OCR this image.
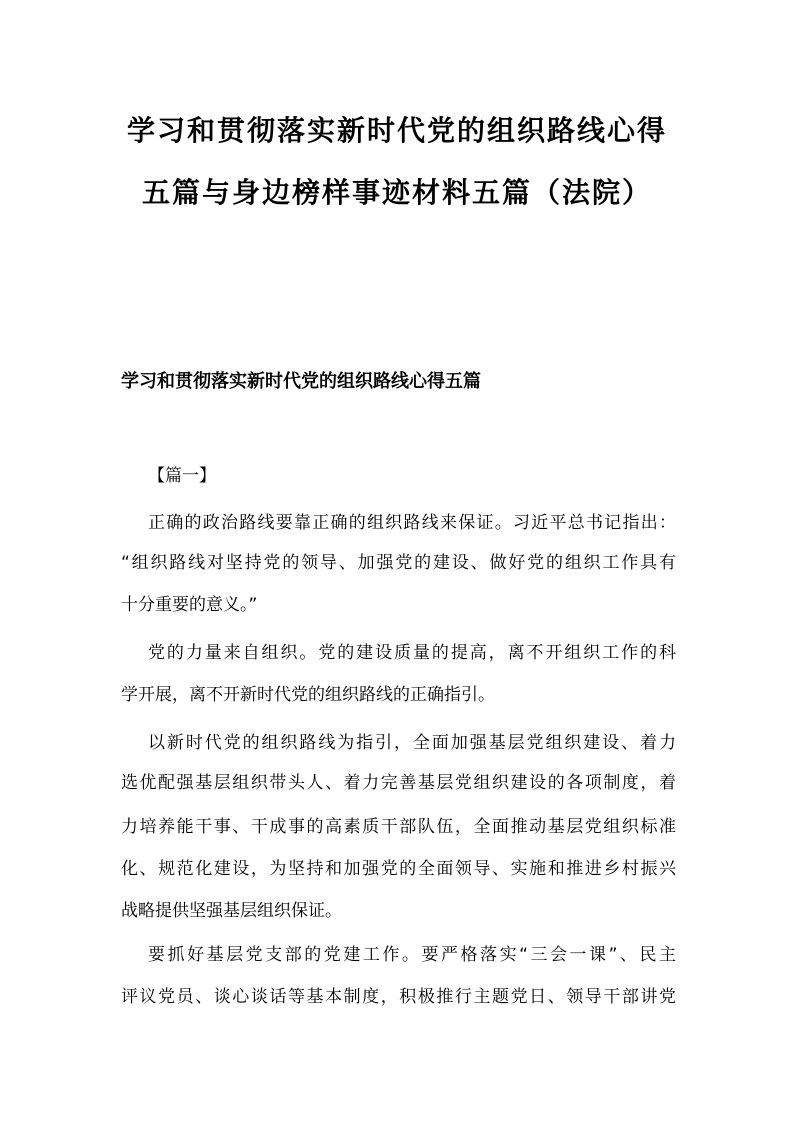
学习和贯彻落实新时代党的组织路线心得
五篇与身边榜样事迹材料五篇（法院）
学习和贯彻落实新时代党的组织路线心得五篇
【篇一】
正确的政治路线要靠正确的组织路线来保证。习近平总书记指出：
“组织路线对坚持党的领导、加强党的建设、做好党的组织工作具有
十分重要的意义。”
党的力量来自组织。党的建设质量的提高，离不开组织工作的科
学开展，离不开新时代党的组织路线的正确指引。
以新时代党的组织路线为指引，全面加强基层党组织建设、着力
选优配强基层组织带头人、着力完善基层党组织建设的各项制度，着
力培养能干事、干成事的高素质干部队伍，全面推动基层党组织标准
化、规范化建设，为坚持和加强党的全面领导、实施和推进乡村振兴
战略提供坚强基层组织保证。
要抓好基层党支部的党建工作。要严格落实“三会一课”、民主
评议党员、谈心谈话等基本制度，积极推行主题党日、领导干部讲党
